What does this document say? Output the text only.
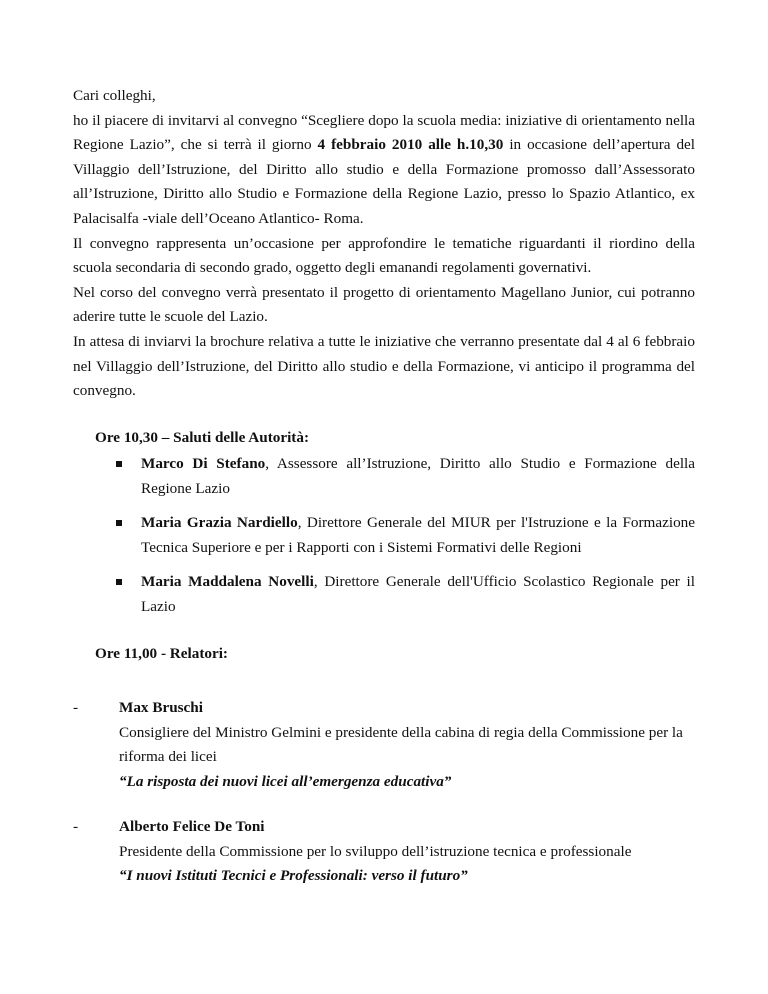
Cari colleghi,

ho il piacere di invitarvi al convegno “Scegliere dopo la scuola media: iniziative di orientamento nella Regione Lazio”, che si terrà il giorno 4 febbraio 2010 alle h.10,30 in occasione dell’apertura del Villaggio dell’Istruzione, del Diritto allo studio e della Formazione promosso dall’Assessorato all’Istruzione, Diritto allo Studio e Formazione della Regione Lazio, presso lo Spazio Atlantico, ex Palacisalfa -viale dell’Oceano Atlantico- Roma.

Il convegno rappresenta un’occasione per approfondire le tematiche riguardanti il riordino della scuola secondaria di secondo grado, oggetto degli emanandi regolamenti governativi.

Nel corso del convegno verrà presentato il progetto di orientamento Magellano Junior, cui potranno aderire tutte le scuole del Lazio.

In attesa di inviarvi la brochure relativa a tutte le iniziative che verranno presentate dal 4 al 6 febbraio nel Villaggio dell’Istruzione, del Diritto allo studio e della Formazione, vi anticipo il programma del convegno.

Ore 10,30 – Saluti delle Autorità:

Marco Di Stefano, Assessore all’Istruzione, Diritto allo Studio e Formazione della Regione Lazio
Maria Grazia Nardiello, Direttore Generale del MIUR per l'Istruzione e la Formazione Tecnica Superiore e per i Rapporti con i Sistemi Formativi delle Regioni
Maria Maddalena Novelli, Direttore Generale dell'Ufficio Scolastico Regionale per il Lazio

Ore 11,00 - Relatori:

-	Max Bruschi
Consigliere del Ministro Gelmini e presidente della cabina di regia della Commissione per la riforma dei licei
“La risposta dei nuovi licei all’emergenza educativa”
-	Alberto Felice De Toni
Presidente della Commissione per lo sviluppo dell’istruzione tecnica e professionale
“I nuovi Istituti Tecnici e Professionali: verso il futuro”
